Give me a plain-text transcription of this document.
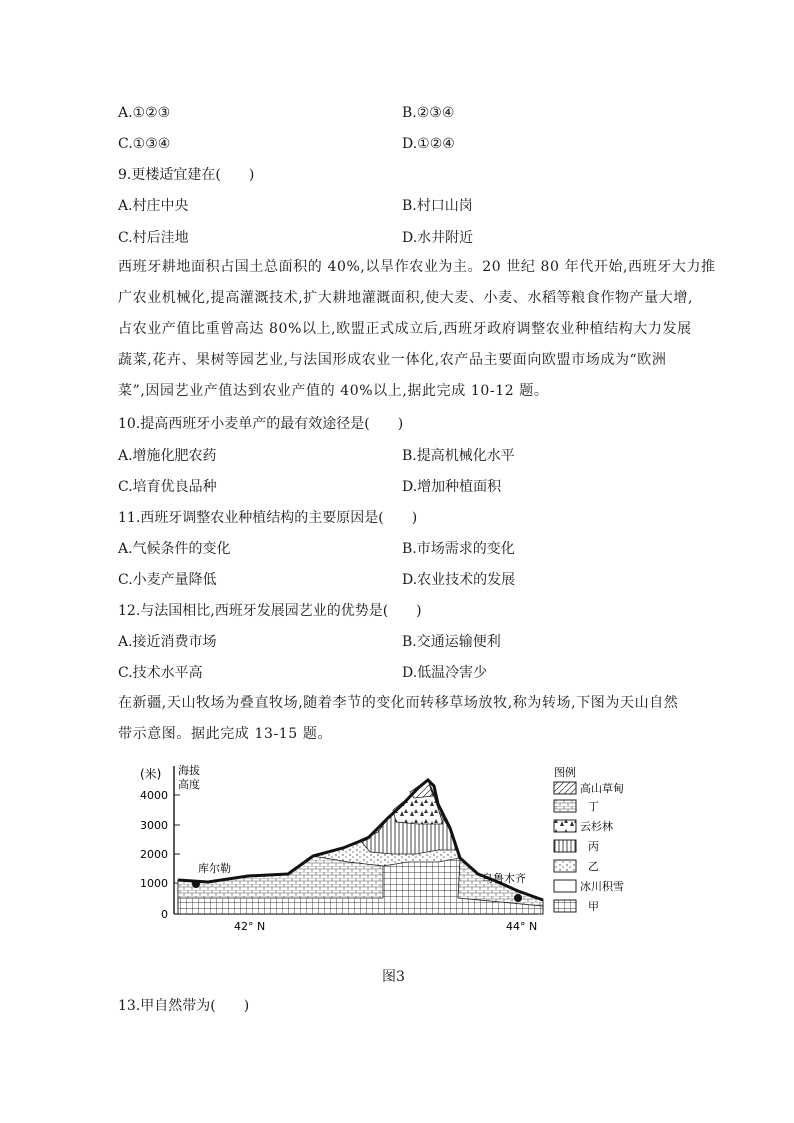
A.①②③	B.②③④
C.①③④	D.①②④
9.更楼适宜建在(　　)
A.村庄中央	B.村口山岗
C.村后洼地	D.水井附近
西班牙耕地面积占国土总面积的 40%,以旱作农业为主。20 世纪 80 年代开始,西班牙大力推
广农业机械化,提高灌溉技术,扩大耕地灌溉面积,使大麦、小麦、水稻等粮食作物产量大增,
占农业产值比重曾高达 80%以上,欧盟正式成立后,西班牙政府调整农业种植结构大力发展
蔬菜,花卉、果树等园艺业,与法国形成农业一体化,农产品主要面向欧盟市场成为“欧洲
菜”,因园艺业产值达到农业产值的 40%以上,据此完成 10-12 题。
10.提高西班牙小麦单产的最有效途径是(　　)
A.增施化肥农药	B.提高机械化水平
C.培育优良品种	D.增加种植面积
11.西班牙调整农业种植结构的主要原因是(　　)
A.气候条件的变化	B.市场需求的变化
C.小麦产量降低	D.农业技术的发展
12.与法国相比,西班牙发展园艺业的优势是(　　)
A.接近消费市场	B.交通运输便利
C.技术水平高	D.低温冷害少
在新疆,天山牧场为叠直牧场,随着李节的变化而转移草场放牧,称为转场,下图为天山自然
带示意图。据此完成 13-15 题。
(米) 海拔
高度
4000
3000
2000
1000
0
库尔勒
乌鲁木齐
42° N	44° N
图例
高山草甸
丁
云杉林
丙
乙
冰川积雪
甲
图3
13.甲自然带为(　　)
